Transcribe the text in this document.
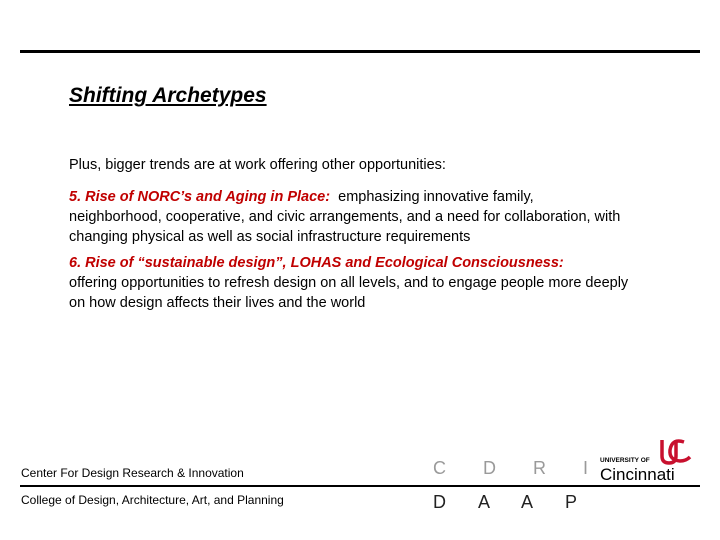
Shifting Archetypes

Plus, bigger trends are at work offering other opportunities:

5. Rise of NORC’s and Aging in Place: emphasizing innovative family, neighborhood, cooperative, and civic arrangements, and a need for collaboration, with changing physical as well as social infrastructure requirements

6. Rise of “sustainable design”, LOHAS and Ecological Consciousness:
offering opportunities to refresh design on all levels, and to engage people more deeply on how design affects their lives and the world

Center For Design Research & Innovation
College of Design, Architecture, Art, and Planning
C D R I
D A A P
UNIVERSITY OF
Cincinnati
